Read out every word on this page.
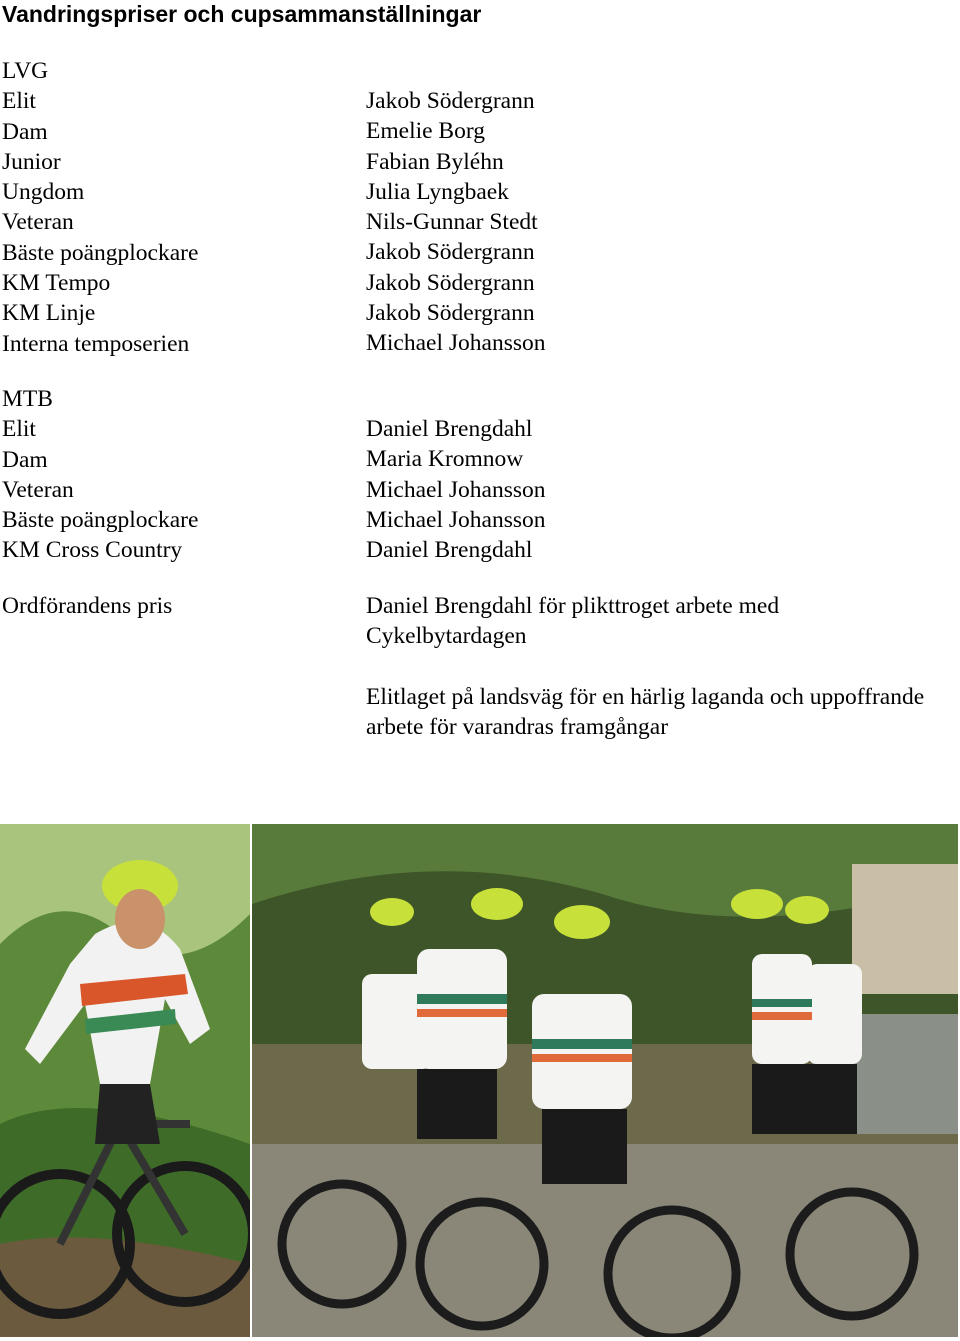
Vandringspriser och cupsammanställningar
LVG
Elit
Dam
Junior
Ungdom
Veteran
Bäste poängplockare
KM Tempo
KM Linje
Interna temposerien
Jakob Södergrann
Emelie Borg
Fabian Byléhn
Julia Lyngbaek
Nils-Gunnar Stedt
Jakob Södergrann
Jakob Södergrann
Jakob Södergrann
Michael Johansson
MTB
Elit
Dam
Veteran
Bäste poängplockare
KM Cross Country
Daniel Brengdahl
Maria Kromnow
Michael Johansson
Michael Johansson
Daniel Brengdahl
Ordförandens pris	Daniel Brengdahl för plikttroget arbete med Cykelbytardagen
Elitlaget på landsväg för en härlig laganda och uppoffrande arbete för varandras framgångar
